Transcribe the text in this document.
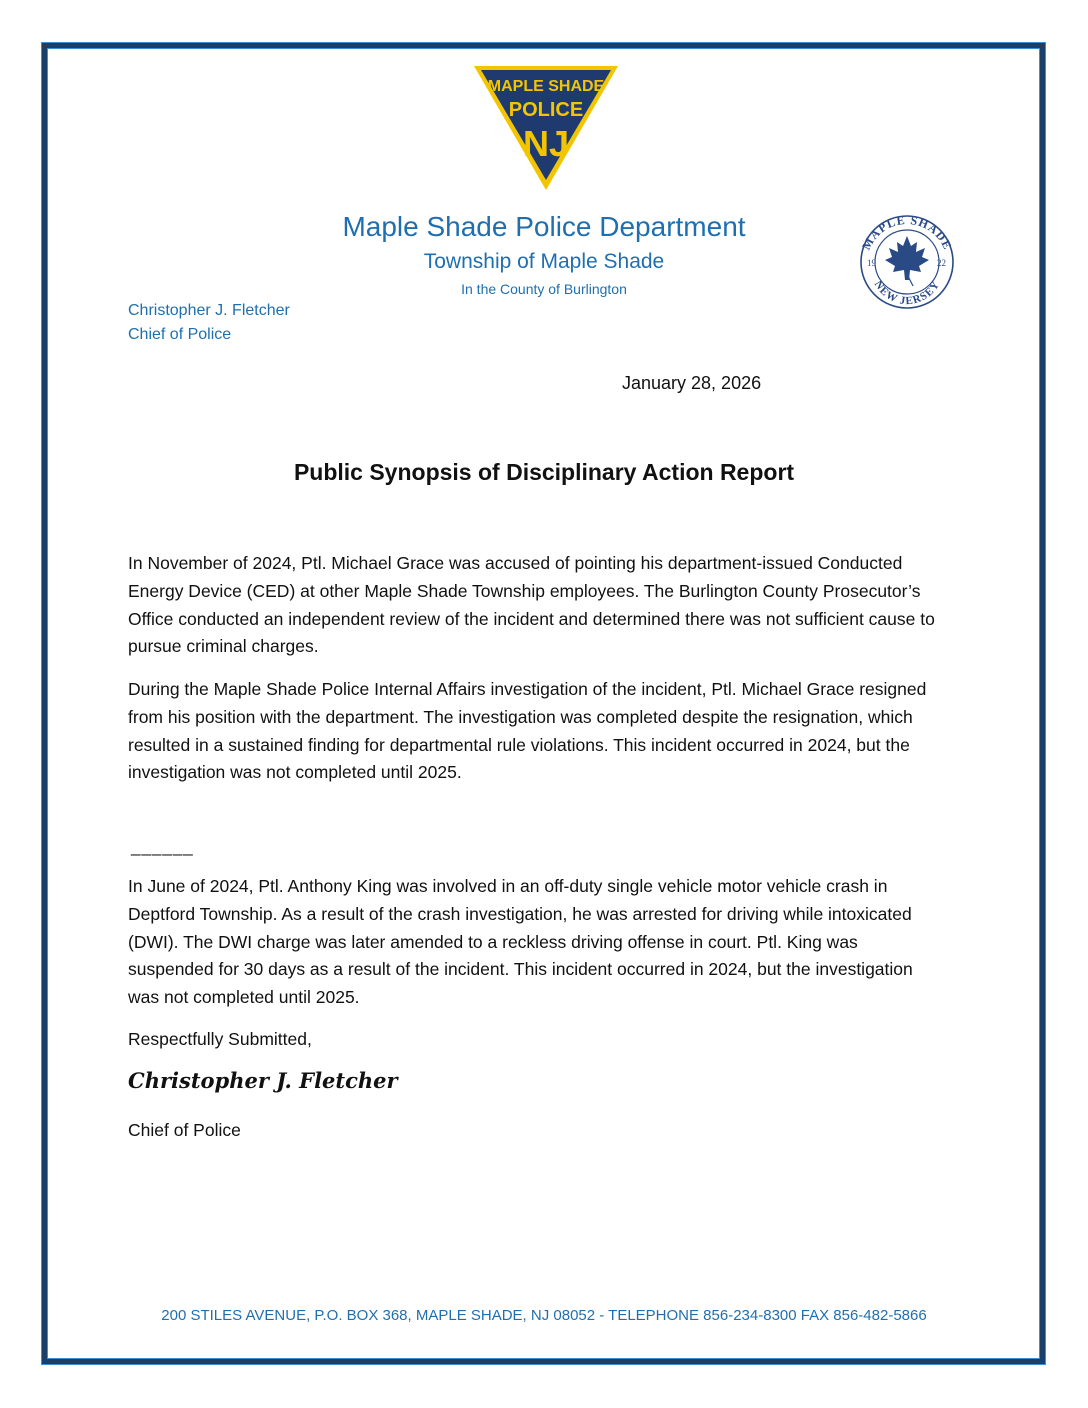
MAPLE SHADE
POLICE
NJ
MAPLE SHADE
NEW JERSEY
19	22
Maple Shade Police Department
Township of Maple Shade
In the County of Burlington
Christopher J. Fletcher
Chief of Police
January 28, 2026
Public Synopsis of Disciplinary Action Report
In November of 2024, Ptl. Michael Grace was accused of pointing his department-issued Conducted Energy Device (CED) at other Maple Shade Township employees. The Burlington County Prosecutor’s Office conducted an independent review of the incident and determined there was not sufficient cause to pursue criminal charges.
During the Maple Shade Police Internal Affairs investigation of the incident, Ptl. Michael Grace resigned from his position with the department. The investigation was completed despite the resignation, which resulted in a sustained finding for departmental rule violations. This incident occurred in 2024, but the investigation was not completed until 2025.
______
In June of 2024, Ptl. Anthony King was involved in an off-duty single vehicle motor vehicle crash in Deptford Township. As a result of the crash investigation, he was arrested for driving while intoxicated (DWI). The DWI charge was later amended to a reckless driving offense in court. Ptl. King was suspended for 30 days as a result of the incident. This incident occurred in 2024, but the investigation was not completed until 2025.
Respectfully Submitted,
Christopher J. Fletcher
Chief of Police
200 STILES AVENUE, P.O. BOX 368, MAPLE SHADE, NJ 08052 - TELEPHONE 856-234-8300 FAX 856-482-5866
